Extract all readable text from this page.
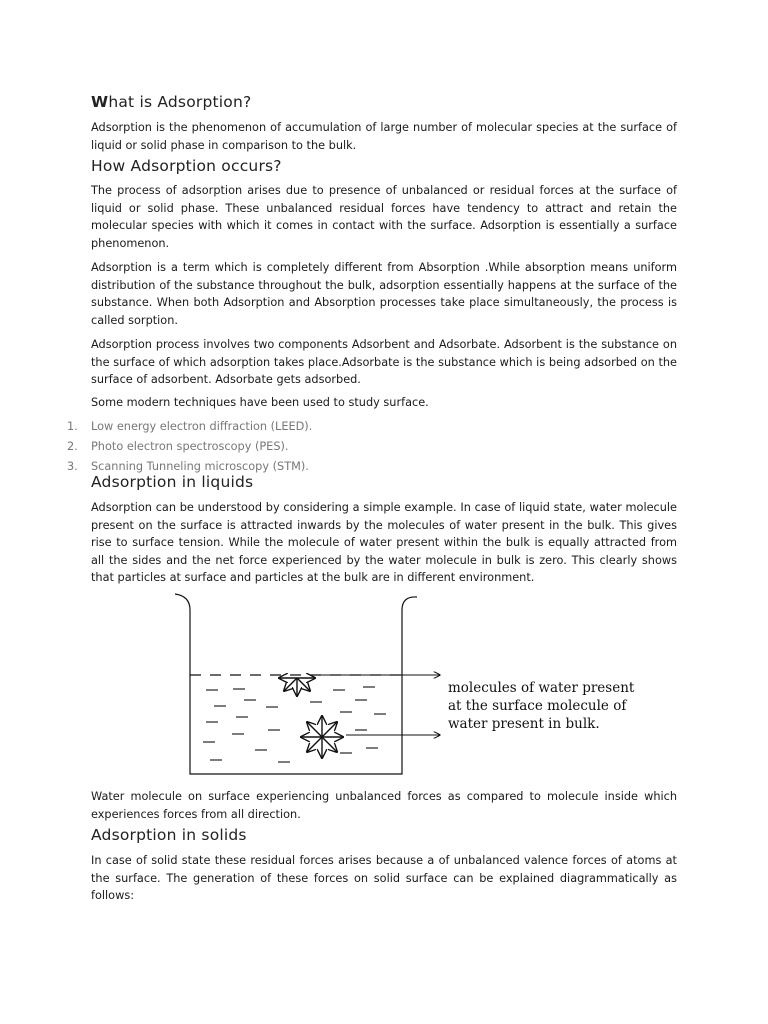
What is Adsorption?

Adsorption is the phenomenon of accumulation of large number of molecular species at the surface of liquid or solid phase in comparison to the bulk.

How Adsorption occurs?

The process of adsorption arises due to presence of unbalanced or residual forces at the surface of liquid or solid phase. These unbalanced residual forces have tendency to attract and retain the molecular species with which it comes in contact with the surface. Adsorption is essentially a surface phenomenon.

Adsorption is a term which is completely different from Absorption .While absorption means uniform distribution of the substance throughout the bulk, adsorption essentially happens at the surface of the substance. When both Adsorption and Absorption processes take place simultaneously, the process is called sorption.

Adsorption process involves two components Adsorbent and Adsorbate. Adsorbent is the substance on the surface of which adsorption takes place.Adsorbate is the substance which is being adsorbed on the surface of adsorbent. Adsorbate gets adsorbed.

Some modern techniques have been used to study surface.

1.	Low energy electron diffraction (LEED).
2.	Photo electron spectroscopy (PES).
3.	Scanning Tunneling microscopy (STM).
Adsorption in liquids

Adsorption can be understood by considering a simple example. In case of liquid state, water molecule present on the surface is attracted inwards by the molecules of water present in the bulk. This gives rise to surface tension. While the molecule of water present within the bulk is equally attracted from all the sides and the net force experienced by the water molecule in bulk is zero. This clearly shows that particles at surface and particles at the bulk are in different environment.

molecules of water present
at the surface molecule of
water present in bulk.

Water molecule on surface experiencing unbalanced forces as compared to molecule inside which experiences forces from all direction.

Adsorption in solids

In case of solid state these residual forces arises because a of unbalanced valence forces of atoms at the surface. The generation of these forces on solid surface can be explained diagrammatically as follows:
